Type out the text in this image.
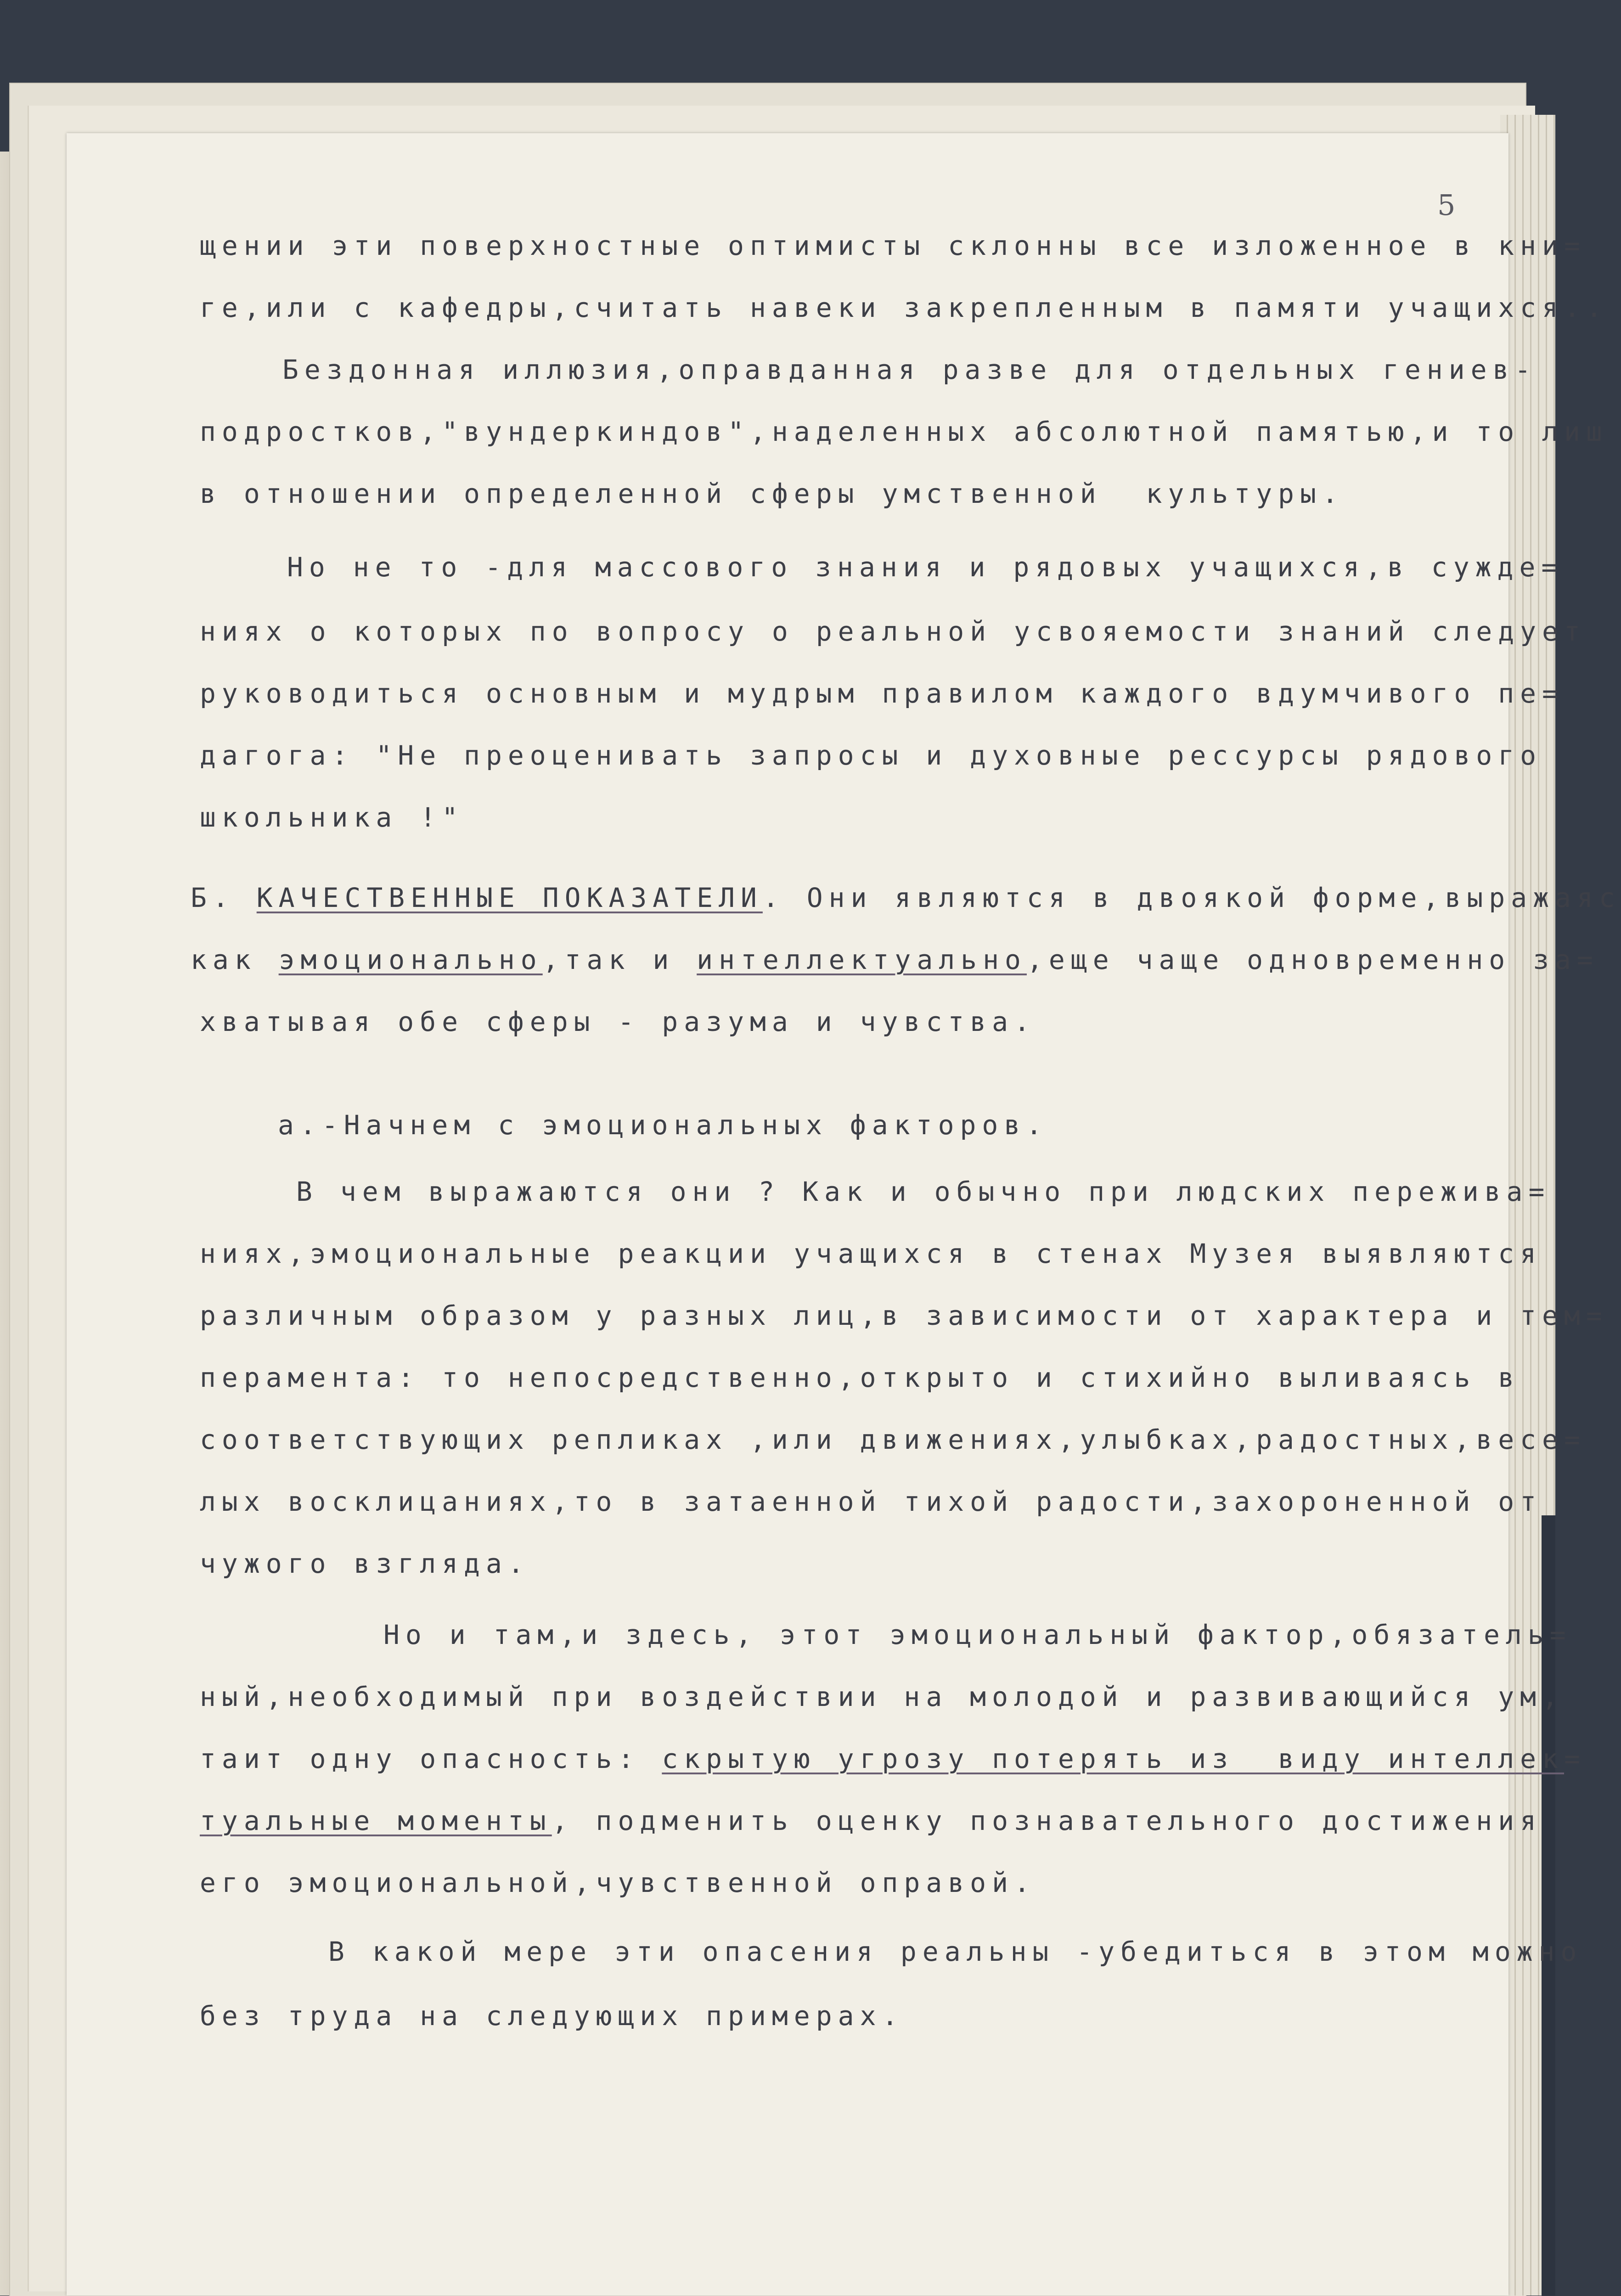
5
щении эти поверхностные оптимисты склонны все изложенное в кни=
ге,или с кафедры,считать навеки закрепленным в памяти учащихся..
Бездонная иллюзия,оправданная разве для отдельных гениев-
подростков,"вундеркиндов",наделенных абсолютной памятью,и то лиш
в отношении определенной сферы умственной  культуры.
Но не то -для массового знания и рядовых учащихся,в сужде=
ниях о которых по вопросу о реальной усвояемости знаний следует
руководиться основным и мудрым правилом каждого вдумчивого пе=
дагога: "Не преоценивать запросы и духовные рессурсы рядового
школьника !"
Б. КАЧЕСТВЕННЫЕ ПОКАЗАТЕЛИ. Они являются в двоякой форме,выражаяс
как эмоционально,так и интеллектуально,еще чаще одновременно за=
хватывая обе сферы - разума и чувства.
а.-Начнем с эмоциональных факторов.
В чем выражаются они ? Как и обычно при людских пережива=
ниях,эмоциональные реакции учащихся в стенах Музея выявляются
различным образом у разных лиц,в зависимости от характера и тем=
перамента: то непосредственно,открыто и стихийно выливаясь в
соответствующих репликах ,или движениях,улыбках,радостных,весе=
лых восклицаниях,то в затаенной тихой радости,захороненной от
чужого взгляда.
Но и там,и здесь, этот эмоциональный фактор,обязатель=
ный,необходимый при воздействии на молодой и развивающийся ум,
таит одну опасность: скрытую угрозу потерять из  виду интеллек=
туальные моменты, подменить оценку познавательного достижения
его эмоциональной,чувственной оправой.
В какой мере эти опасения реальны -убедиться в этом можно
без труда на следующих примерах.
